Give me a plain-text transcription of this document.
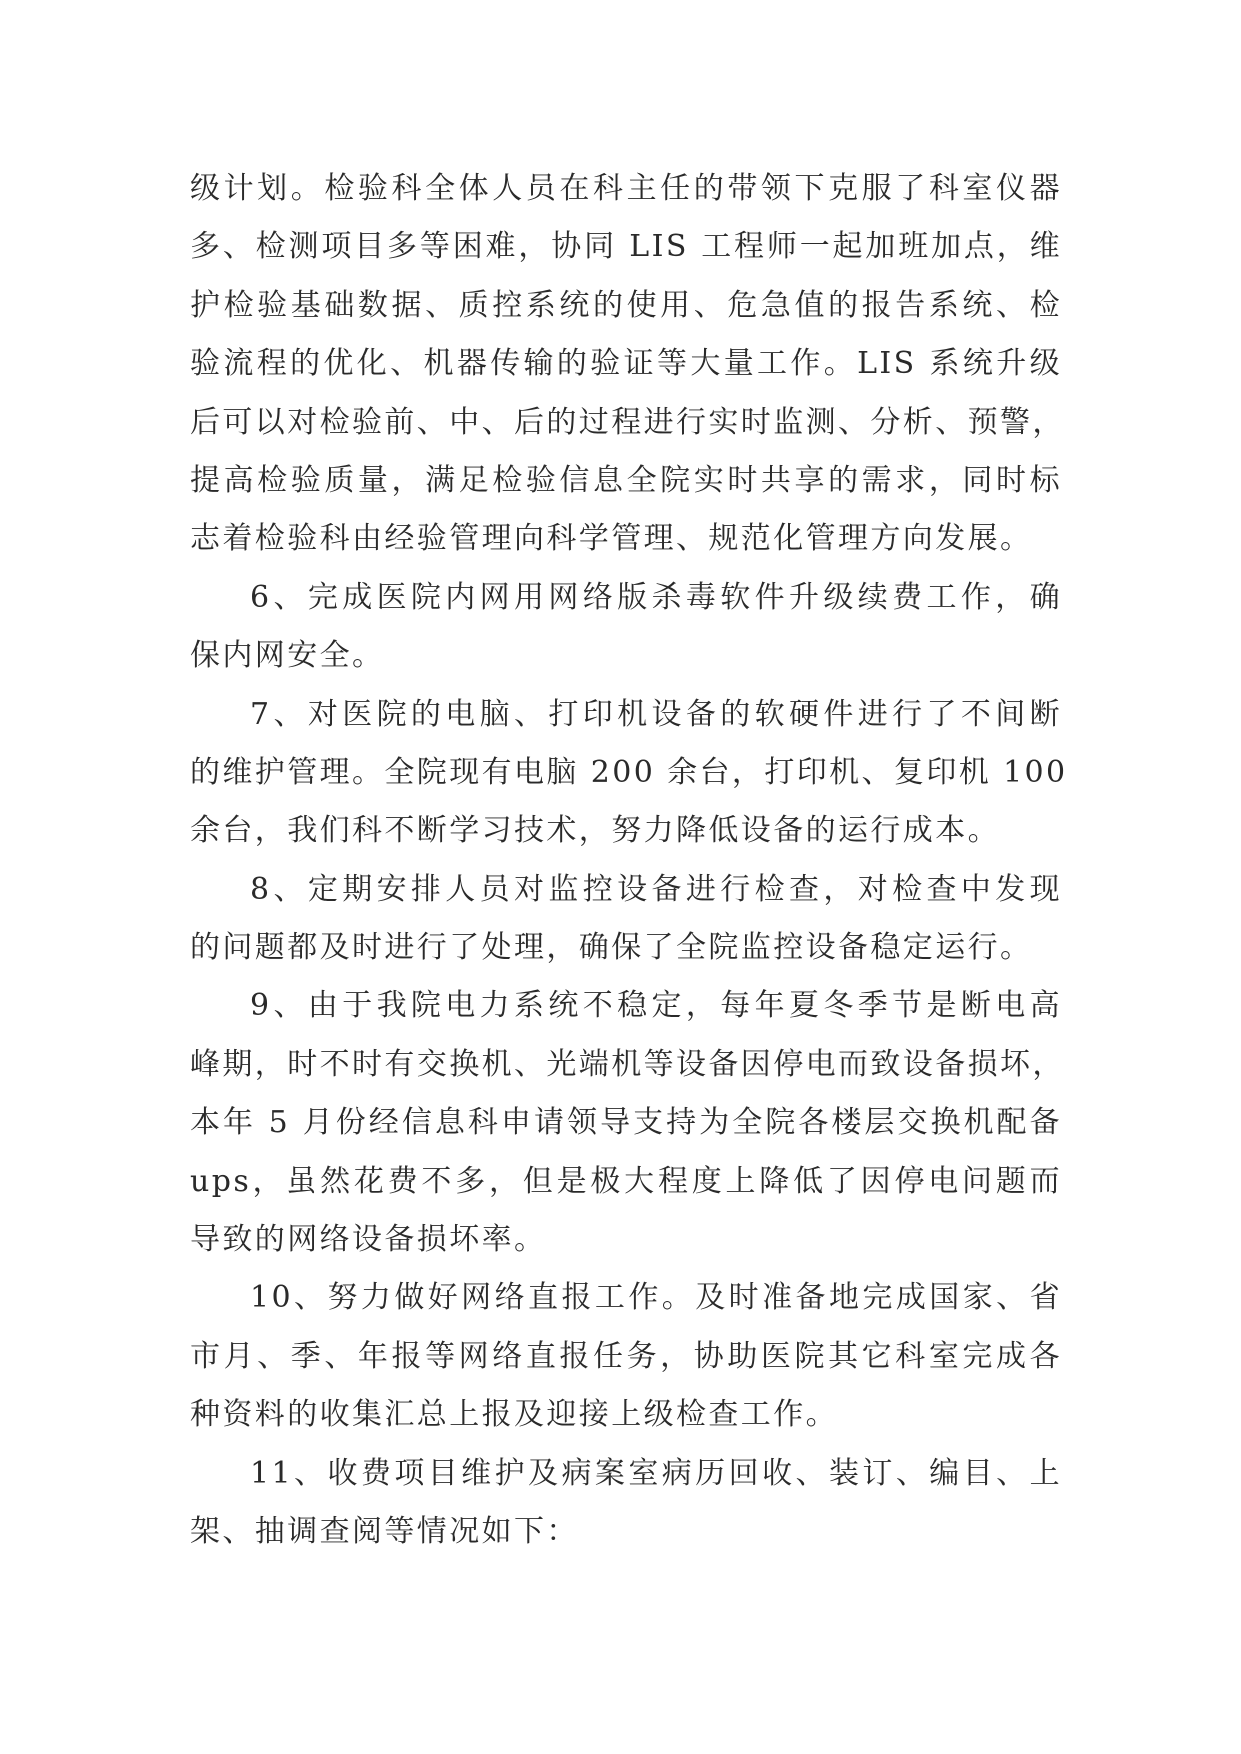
级计划。检验科全体人员在科主任的带领下克服了科室仪器
多、检测项目多等困难，协同 LIS 工程师一起加班加点，维
护检验基础数据、质控系统的使用、危急值的报告系统、检
验流程的优化、机器传输的验证等大量工作。LIS 系统升级
后可以对检验前、中、后的过程进行实时监测、分析、预警，
提高检验质量，满足检验信息全院实时共享的需求，同时标
志着检验科由经验管理向科学管理、规范化管理方向发展。
6、完成医院内网用网络版杀毒软件升级续费工作，确
保内网安全。
7、对医院的电脑、打印机设备的软硬件进行了不间断
的维护管理。全院现有电脑 200 余台，打印机、复印机 100
余台，我们科不断学习技术，努力降低设备的运行成本。
8、定期安排人员对监控设备进行检查，对检查中发现
的问题都及时进行了处理，确保了全院监控设备稳定运行。
9、由于我院电力系统不稳定，每年夏冬季节是断电高
峰期，时不时有交换机、光端机等设备因停电而致设备损坏，
本年 5 月份经信息科申请领导支持为全院各楼层交换机配备
ups，虽然花费不多，但是极大程度上降低了因停电问题而
导致的网络设备损坏率。
10、努力做好网络直报工作。及时准备地完成国家、省
市月、季、年报等网络直报任务，协助医院其它科室完成各
种资料的收集汇总上报及迎接上级检查工作。
11、收费项目维护及病案室病历回收、装订、编目、上
架、抽调查阅等情况如下：
